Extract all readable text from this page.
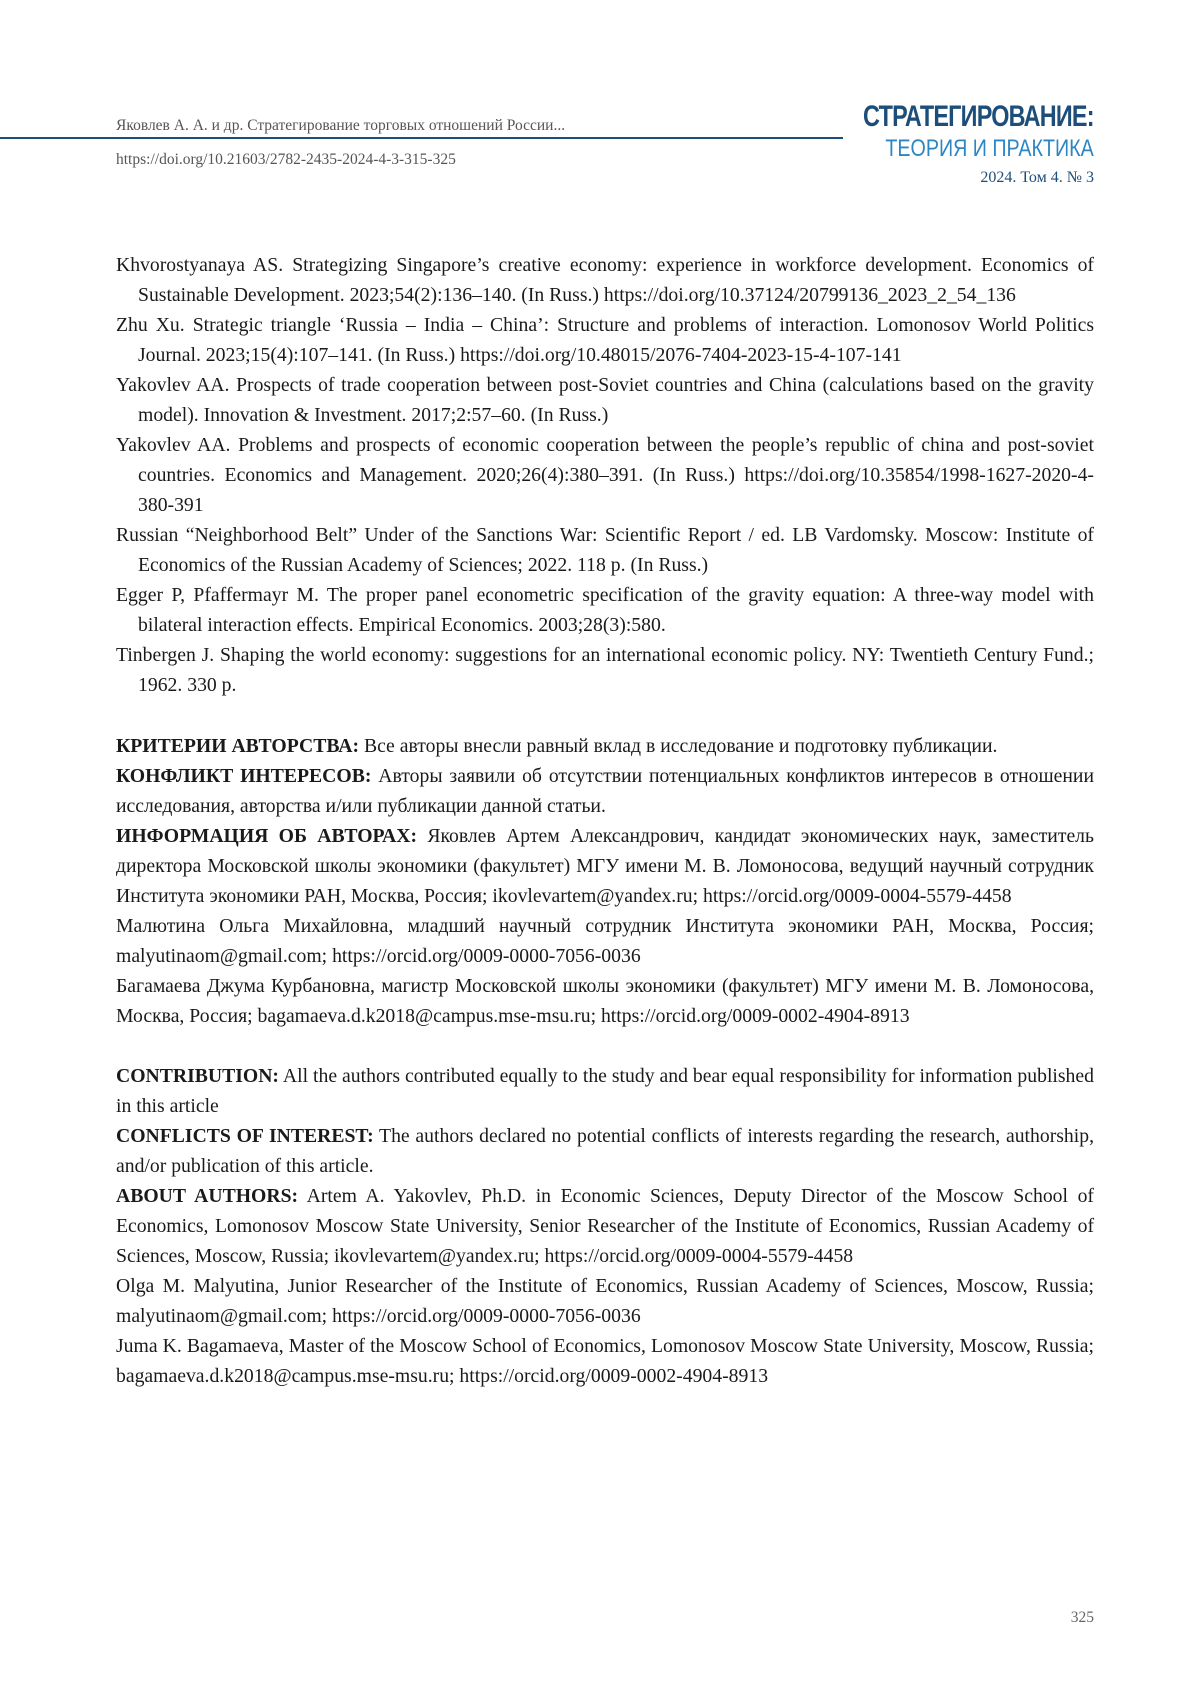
Яковлев А. А. и др. Стратегирование торговых отношений России...
https://doi.org/10.21603/2782-2435-2024-4-3-315-325
СТРАТЕГИРОВАНИЕ:
ТЕОРИЯ И ПРАКТИКА
2024. Том 4. № 3

Khvorostyanaya AS. Strategizing Singapore’s creative economy: experience in workforce development. Economics of Sustainable Development. 2023;54(2):136–140. (In Russ.) https://doi.org/10.37124/20799136_2023_2_54_136

Zhu Xu. Strategic triangle ‘Russia – India – China’: Structure and problems of interaction. Lomonosov World Politics Journal. 2023;15(4):107–141. (In Russ.) https://doi.org/10.48015/2076-7404-2023-15-4-107-141

Yakovlev AA. Prospects of trade cooperation between post-Soviet countries and China (calculations based on the gravity model). Innovation & Investment. 2017;2:57–60. (In Russ.)

Yakovlev AA. Problems and prospects of economic cooperation between the people’s republic of china and post-soviet countries. Economics and Management. 2020;26(4):380–391. (In Russ.) https://doi.org/10.35854/1998-1627-2020-4-380-391

Russian “Neighborhood Belt” Under of the Sanctions War: Scientific Report / ed. LB Vardomsky. Moscow: Institute of Economics of the Russian Academy of Sciences; 2022. 118 p. (In Russ.)

Egger P, Pfaffermayr M. The proper panel econometric specification of the gravity equation: A three-way model with bilateral interaction effects. Empirical Economics. 2003;28(3):580.

Tinbergen J. Shaping the world economy: suggestions for an international economic policy. NY: Twentieth Century Fund.; 1962. 330 p.

КРИТЕРИИ АВТОРСТВА: Все авторы внесли равный вклад в исследование и подготовку публикации.

КОНФЛИКТ ИНТЕРЕСОВ: Авторы заявили об отсутствии потенциальных конфликтов интересов в отношении исследования, авторства и/или публикации данной статьи.

ИНФОРМАЦИЯ ОБ АВТОРАХ: Яковлев Артем Александрович, кандидат экономических наук, заместитель директора Московской школы экономики (факультет) МГУ имени М. В. Ломоносова, ведущий научный сотрудник Института экономики РАН, Москва, Россия; ikovlevartem@yandex.ru; https://orcid.org/0009-0004-5579-4458

Малютина Ольга Михайловна, младший научный сотрудник Института экономики РАН, Москва, Россия; malyutinaom@gmail.com; https://orcid.org/0009-0000-7056-0036

Багамаева Джума Курбановна, магистр Московской школы экономики (факультет) МГУ имени М. В. Ломоносова, Москва, Россия; bagamaeva.d.k2018@campus.mse-msu.ru; https://orcid.org/0009-0002-4904-8913

CONTRIBUTION: All the authors contributed equally to the study and bear equal responsibility for information published in this article

CONFLICTS OF INTEREST: The authors declared no potential conflicts of interests regarding the research, authorship, and/or publication of this article.

ABOUT AUTHORS: Artem A. Yakovlev, Ph.D. in Economic Sciences, Deputy Director of the Moscow School of Economics, Lomonosov Moscow State University, Senior Researcher of the Institute of Economics, Russian Academy of Sciences, Moscow, Russia; ikovlevartem@yandex.ru; https://orcid.org/0009-0004-5579-4458

Olga M. Malyutina, Junior Researcher of the Institute of Economics, Russian Academy of Sciences, Moscow, Russia; malyutinaom@gmail.com; https://orcid.org/0009-0000-7056-0036

Juma K. Bagamaeva, Master of the Moscow School of Economics, Lomonosov Moscow State University, Moscow, Russia; bagamaeva.d.k2018@campus.mse-msu.ru; https://orcid.org/0009-0002-4904-8913

325
